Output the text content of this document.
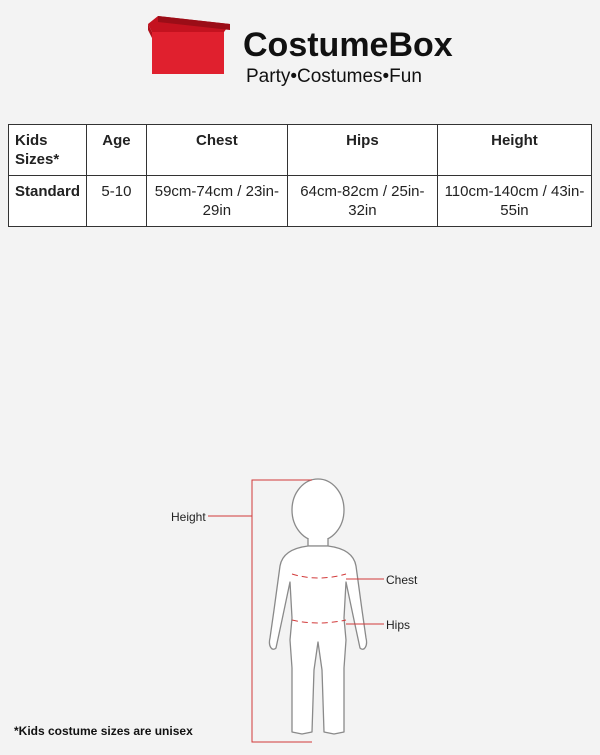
CostumeBox
Party•Costumes•Fun
Kids Sizes*	Age	Chest	Hips	Height
Standard	5-10	59cm-74cm / 23in-29in	64cm-82cm / 25in-32in	110cm-140cm / 43in-55in
Height
Chest
Hips
*Kids costume sizes are unisex
